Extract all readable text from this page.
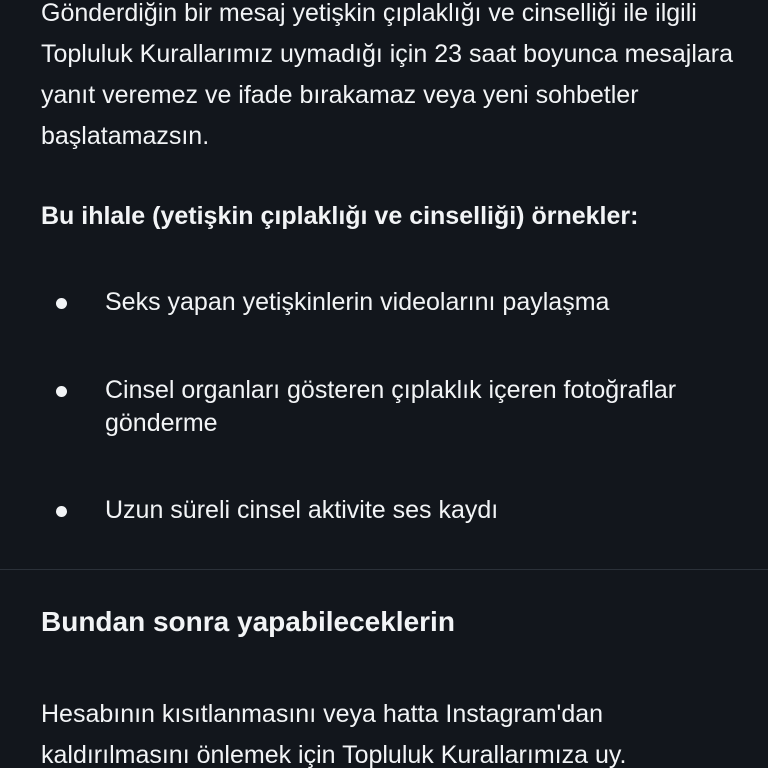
Gönderdiğin bir mesaj yetişkin çıplaklığı ve cinselliği ile ilgili Topluluk Kurallarımız uymadığı için 23 saat boyunca mesajlara yanıt veremez ve ifade bırakamaz veya yeni sohbetler başlatamazsın.

Bu ihlale (yetişkin çıplaklığı ve cinselliği) örnekler:

Seks yapan yetişkinlerin videolarını paylaşma

Cinsel organları gösteren çıplaklık içeren fotoğraflar gönderme

Uzun süreli cinsel aktivite ses kaydı

Bundan sonra yapabileceklerin

Hesabının kısıtlanmasını veya hatta Instagram'dan kaldırılmasını önlemek için Topluluk Kurallarımıza uy.
